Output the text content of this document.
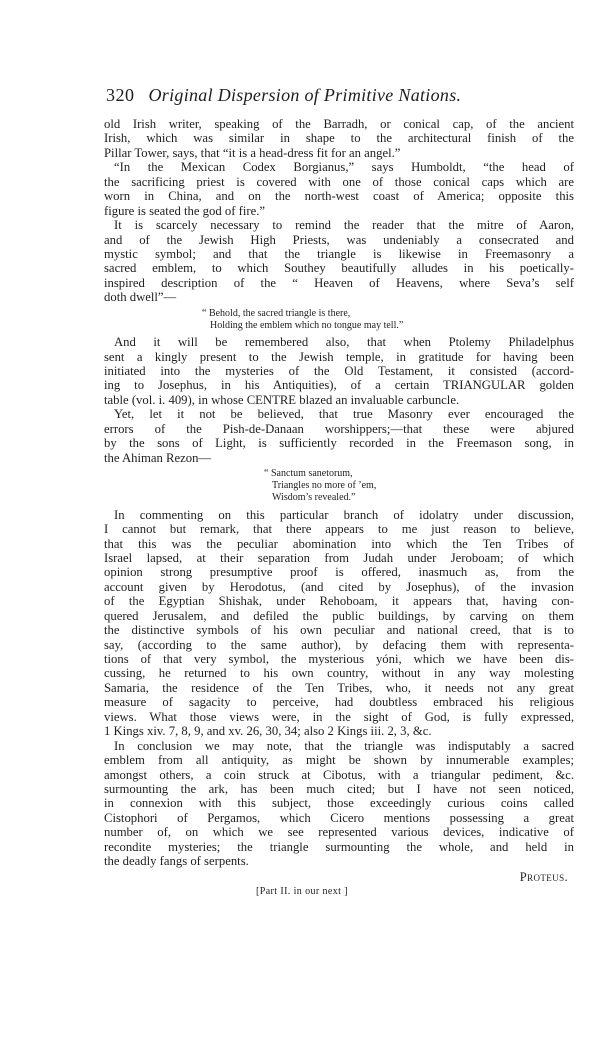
320 Original Dispersion of Primitive Nations.
old Irish writer, speaking of the Barradh, or conical cap, of the ancient
Irish, which was similar in shape to the architectural finish of the
Pillar Tower, says, that “it is a head-dress fit for an angel.”
“In the Mexican Codex Borgianus,” says Humboldt, “the head of
the sacrificing priest is covered with one of those conical caps which are
worn in China, and on the north-west coast of America; opposite this
figure is seated the god of fire.”
It is scarcely necessary to remind the reader that the mitre of Aaron,
and of the Jewish High Priests, was undeniably a consecrated and
mystic symbol; and that the triangle is likewise in Freemasonry a
sacred emblem, to which Southey beautifully alludes in his poetically-
inspired description of the “ Heaven of Heavens, where Seva’s self
doth dwell”—
“ Behold, the sacred triangle is there,
Holding the emblem which no tongue may tell.”
And it will be remembered also, that when Ptolemy Philadelphus
sent a kingly present to the Jewish temple, in gratitude for having been
initiated into the mysteries of the Old Testament, it consisted (accord-
ing to Josephus, in his Antiquities), of a certain TRIANGULAR golden
table (vol. i. 409), in whose CENTRE blazed an invaluable carbuncle.
Yet, let it not be believed, that true Masonry ever encouraged the
errors of the Pish-de-Danaan worshippers;—that these were abjured
by the sons of Light, is sufficiently recorded in the Freemason song, in
the Ahiman Rezon—
“ Sanctum sanetorum,
Triangles no more of ’em,
Wisdom’s revealed.”
In commenting on this particular branch of idolatry under discussion,
I cannot but remark, that there appears to me just reason to believe,
that this was the peculiar abomination into which the Ten Tribes of
Israel lapsed, at their separation from Judah under Jeroboam; of which
opinion strong presumptive proof is offered, inasmuch as, from the
account given by Herodotus, (and cited by Josephus), of the invasion
of the Egyptian Shishak, under Rehoboam, it appears that, having con-
quered Jerusalem, and defiled the public buildings, by carving on them
the distinctive symbols of his own peculiar and national creed, that is to
say, (according to the same author), by defacing them with representa-
tions of that very symbol, the mysterious yóni, which we have been dis-
cussing, he returned to his own country, without in any way molesting
Samaria, the residence of the Ten Tribes, who, it needs not any great
measure of sagacity to perceive, had doubtless embraced his religious
views. What those views were, in the sight of God, is fully expressed,
1 Kings xiv. 7, 8, 9, and xv. 26, 30, 34; also 2 Kings iii. 2, 3, &c.
In conclusion we may note, that the triangle was indisputably a sacred
emblem from all antiquity, as might be shown by innumerable examples;
amongst others, a coin struck at Cibotus, with a triangular pediment, &c.
surmounting the ark, has been much cited; but I have not seen noticed,
in connexion with this subject, those exceedingly curious coins called
Cistophori of Pergamos, which Cicero mentions possessing a great
number of, on which we see represented various devices, indicative of
recondite mysteries; the triangle surmounting the whole, and held in
the deadly fangs of serpents.
Proteus.
[Part II. in our next ]
